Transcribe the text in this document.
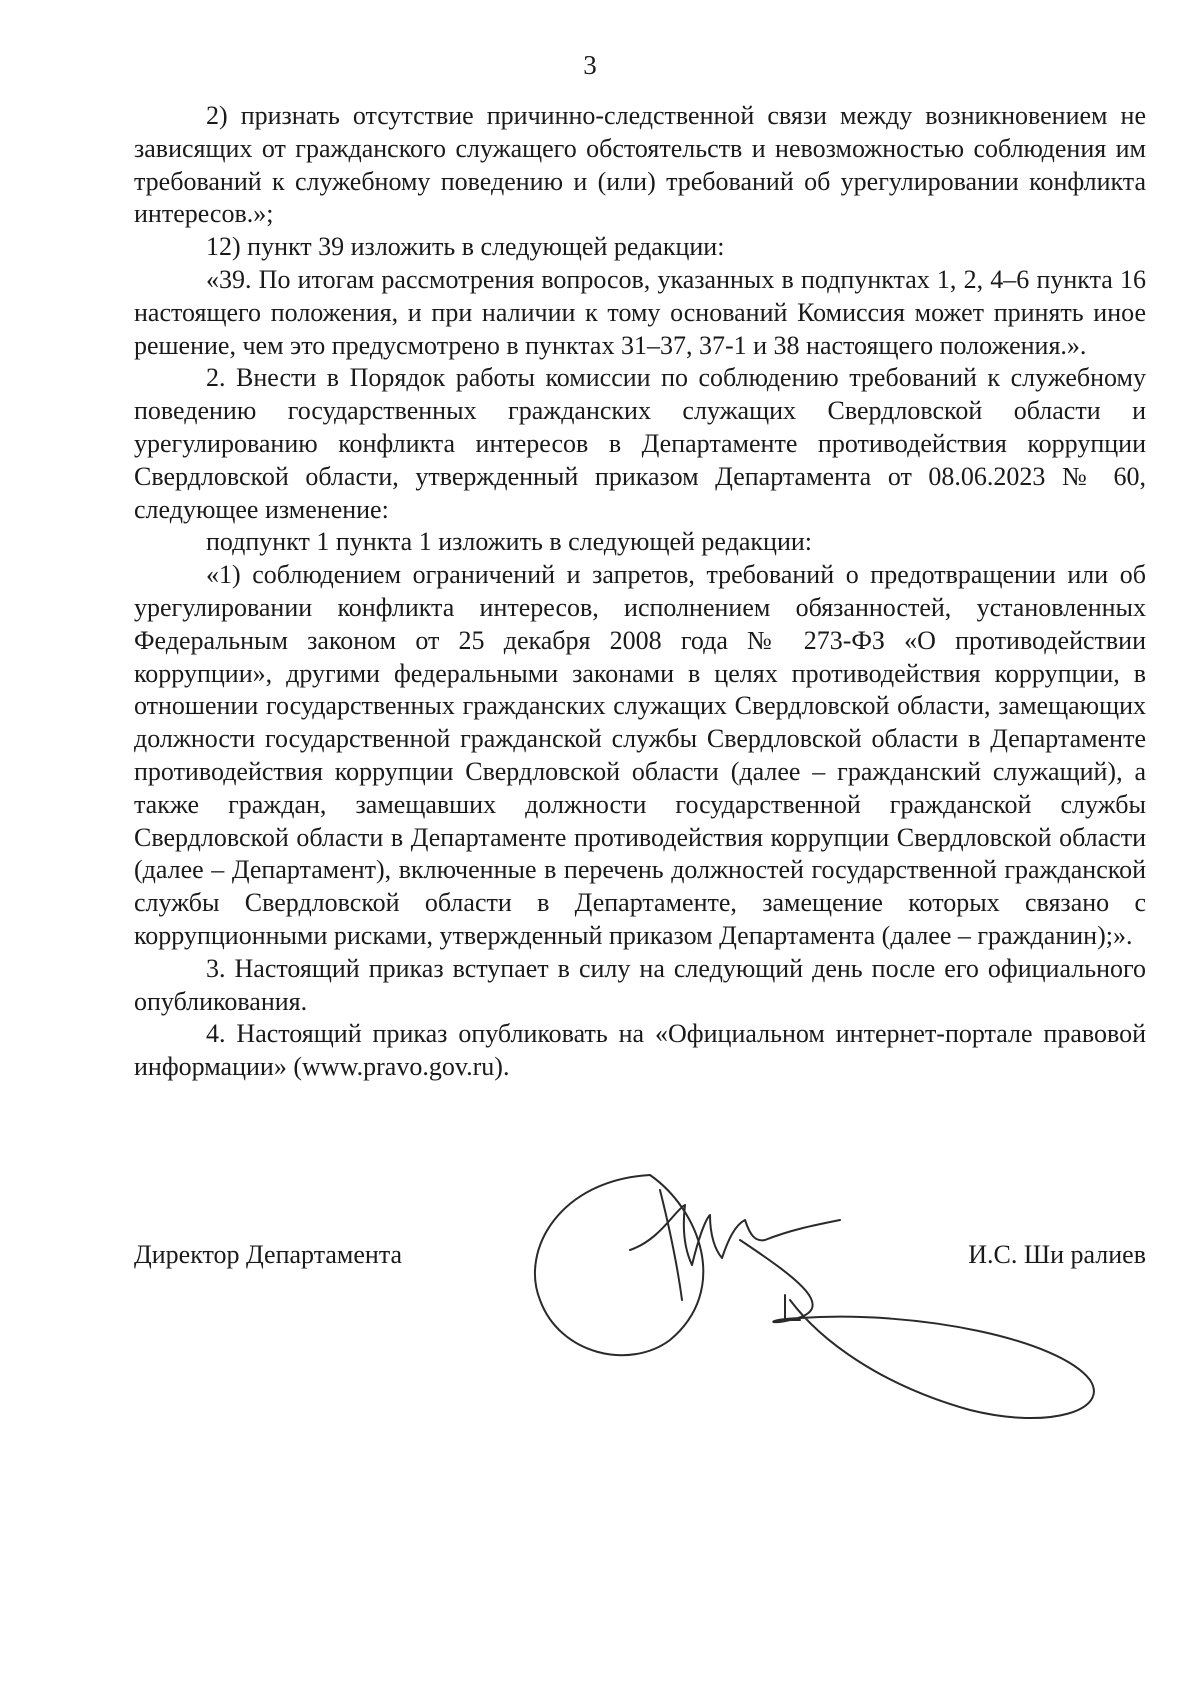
3

2) признать отсутствие причинно-следственной связи между возникновением не зависящих от гражданского служащего обстоятельств и невозможностью соблюдения им требований к служебному поведению и (или) требований об урегулировании конфликта интересов.»;

12) пункт 39 изложить в следующей редакции:

«39. По итогам рассмотрения вопросов, указанных в подпунктах 1, 2, 4–6 пункта 16 настоящего положения, и при наличии к тому оснований Комиссия может принять иное решение, чем это предусмотрено в пунктах 31–37, 37-1 и 38 настоящего положения.».

2. Внести в Порядок работы комиссии по соблюдению требований к служебному поведению государственных гражданских служащих Свердловской области и урегулированию конфликта интересов в Департаменте противодействия коррупции Свердловской области, утвержденный приказом Департамента от 08.06.2023 № 60, следующее изменение:

подпункт 1 пункта 1 изложить в следующей редакции:

«1) соблюдением ограничений и запретов, требований о предотвращении или об урегулировании конфликта интересов, исполнением обязанностей, установленных Федеральным законом от 25 декабря 2008 года № 273-ФЗ «О противодействии коррупции», другими федеральными законами в целях противодействия коррупции, в отношении государственных гражданских служащих Свердловской области, замещающих должности государственной гражданской службы Свердловской области в Департаменте противодействия коррупции Свердловской области (далее – гражданский служащий), а также граждан, замещавших должности государственной гражданской службы Свердловской области в Департаменте противодействия коррупции Свердловской области (далее – Департамент), включенные в перечень должностей государственной гражданской службы Свердловской области в Департаменте, замещение которых связано с коррупционными рисками, утвержденный приказом Департамента (далее – гражданин);».

3. Настоящий приказ вступает в силу на следующий день после его официального опубликования.

4. Настоящий приказ опубликовать на «Официальном интернет-портале правовой информации» (www.pravo.gov.ru).

Директор Департамента	И.С. Ши ралиев
